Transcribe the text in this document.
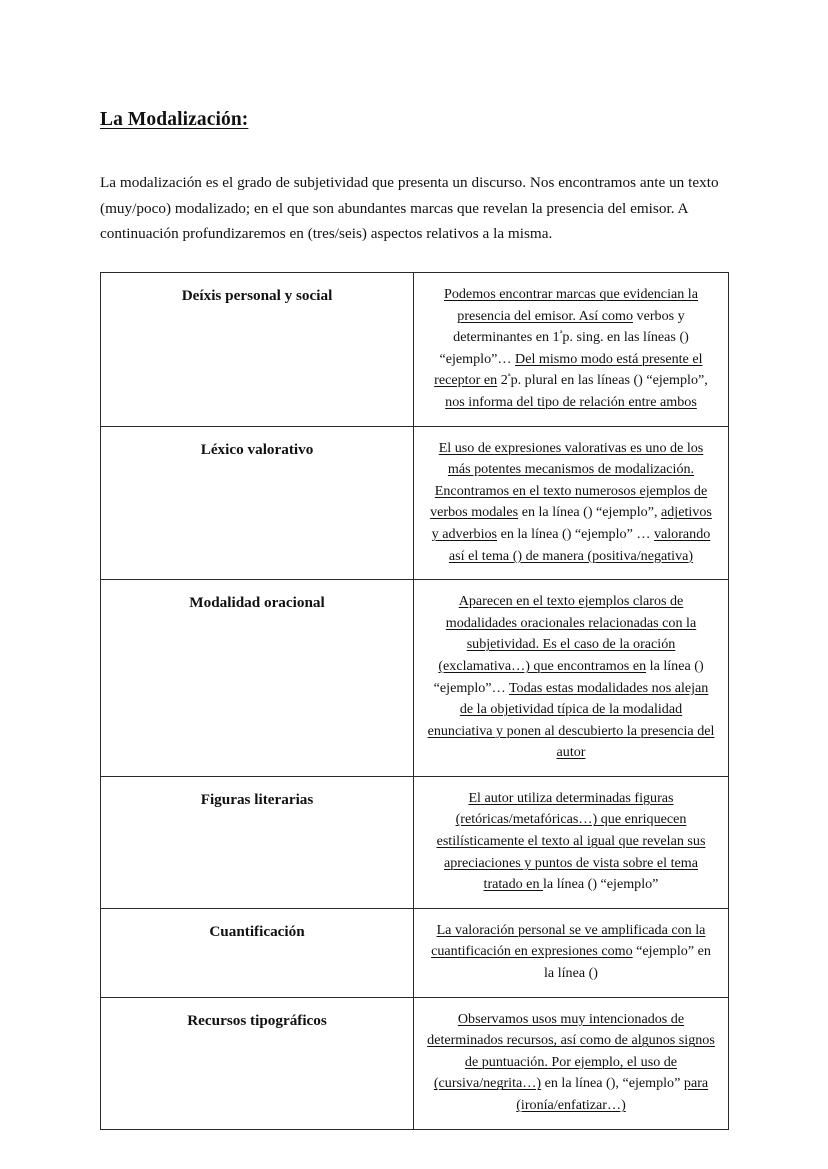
La Modalización:

La modalización es el grado de subjetividad que presenta un discurso. Nos encontramos ante un texto (muy/poco) modalizado; en el que son abundantes marcas que revelan la presencia del emisor. A continuación profundizaremos en (tres/seis) aspectos relativos a la misma.

Deíxis personal y social	Podemos encontrar marcas que evidencian la presencia del emisor. Así como verbos y determinantes en $1^ªp$. sing. en las líneas () “ejemplo”… Del mismo modo está presente el receptor en $2^ªp$. plural en las líneas () “ejemplo”, nos informa del tipo de relación entre ambos

Léxico valorativo	El uso de expresiones valorativas es uno de los más potentes mecanismos de modalización. Encontramos en el texto numerosos ejemplos de verbos modales en la línea () “ejemplo”, adjetivos y adverbios en la línea () “ejemplo” … valorando así el tema () de manera (positiva/negativa)

Modalidad oracional	Aparecen en el texto ejemplos claros de modalidades oracionales relacionadas con la subjetividad. Es el caso de la oración (exclamativa…) que encontramos en la línea () “ejemplo”… Todas estas modalidades nos alejan de la objetividad típica de la modalidad enunciativa y ponen al descubierto la presencia del autor

Figuras literarias	El autor utiliza determinadas figuras (retóricas/metafóricas…) que enriquecen estilísticamente el texto al igual que revelan sus apreciaciones y puntos de vista sobre el tema tratado en la línea () “ejemplo”

Cuantificación	La valoración personal se ve amplificada con la cuantificación en expresiones como “ejemplo” en la línea ()

Recursos tipográficos	Observamos usos muy intencionados de determinados recursos, así como de algunos signos de puntuación. Por ejemplo, el uso de (cursiva/negrita…) en la línea (), “ejemplo” para (ironía/enfatizar…)
